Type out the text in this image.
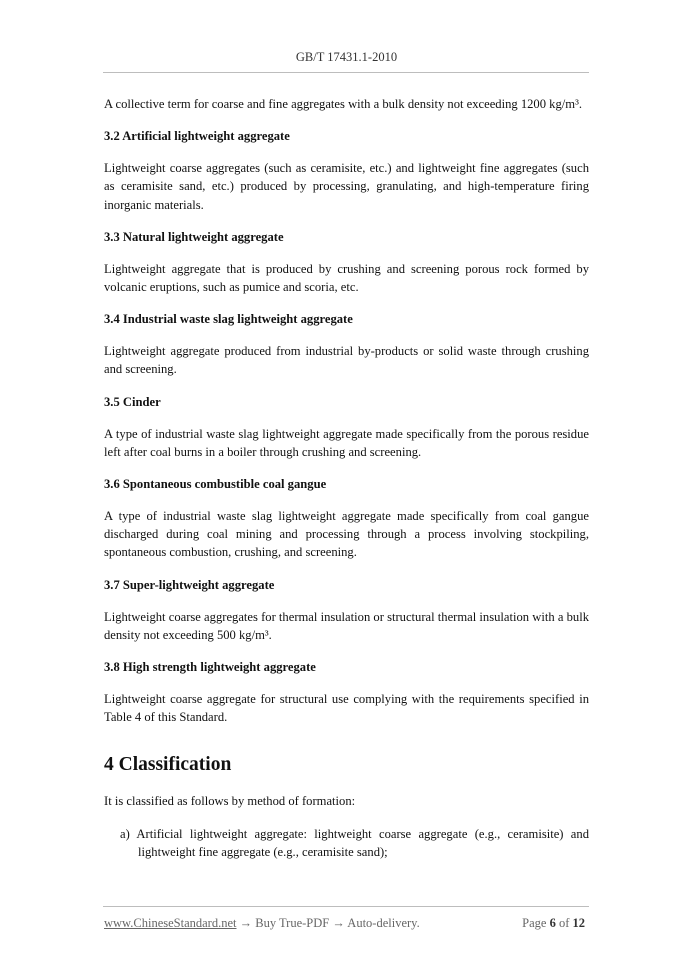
GB/T 17431.1-2010

A collective term for coarse and fine aggregates with a bulk density not exceeding 1200 kg/m³.

3.2 Artificial lightweight aggregate

Lightweight coarse aggregates (such as ceramisite, etc.) and lightweight fine aggregates (such as ceramisite sand, etc.) produced by processing, granulating, and high-temperature firing inorganic materials.

3.3 Natural lightweight aggregate

Lightweight aggregate that is produced by crushing and screening porous rock formed by volcanic eruptions, such as pumice and scoria, etc.

3.4 Industrial waste slag lightweight aggregate

Lightweight aggregate produced from industrial by-products or solid waste through crushing and screening.

3.5 Cinder

A type of industrial waste slag lightweight aggregate made specifically from the porous residue left after coal burns in a boiler through crushing and screening.

3.6 Spontaneous combustible coal gangue

A type of industrial waste slag lightweight aggregate made specifically from coal gangue discharged during coal mining and processing through a process involving stockpiling, spontaneous combustion, crushing, and screening.

3.7 Super-lightweight aggregate

Lightweight coarse aggregates for thermal insulation or structural thermal insulation with a bulk density not exceeding 500 kg/m³.

3.8 High strength lightweight aggregate

Lightweight coarse aggregate for structural use complying with the requirements specified in Table 4 of this Standard.

4 Classification

It is classified as follows by method of formation:

a) Artificial lightweight aggregate: lightweight coarse aggregate (e.g., ceramisite) and lightweight fine aggregate (e.g., ceramisite sand);

www.ChineseStandard.net → Buy True-PDF → Auto-delivery.	Page 6 of 12
